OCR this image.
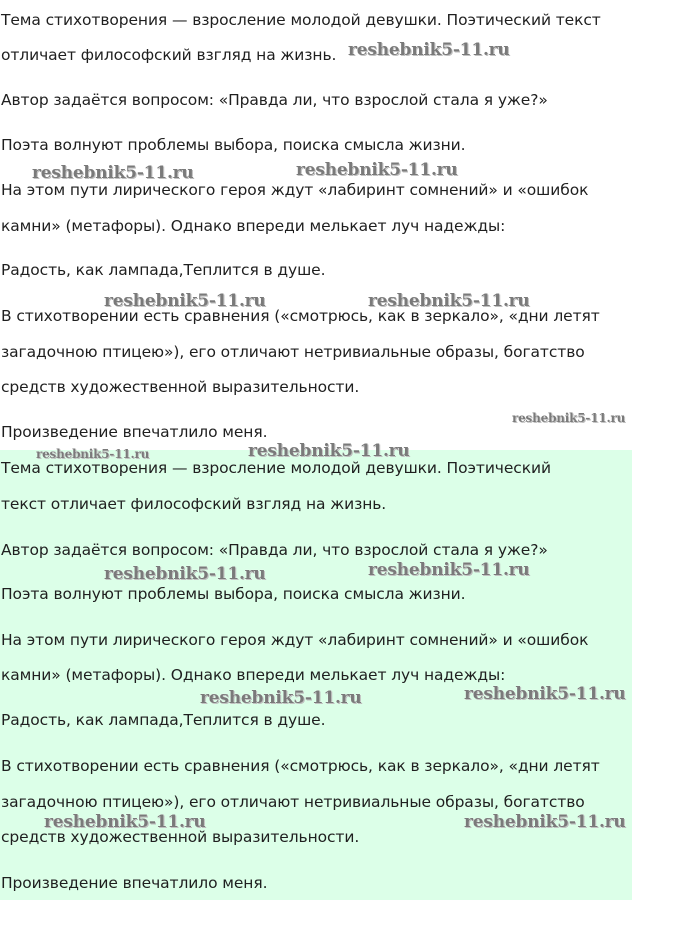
Тема стихотворения — взросление молодой девушки. Поэтический текст
отличает философский взгляд на жизнь.
Автор задаётся вопросом: «Правда ли, что взрослой стала я уже?»
Поэта волнуют проблемы выбора, поиска смысла жизни.
На этом пути лирического героя ждут «лабиринт сомнений» и «ошибок
камни» (метафоры). Однако впереди мелькает луч надежды:
Радость, как лампада,Теплится в душе.
В стихотворении есть сравнения («смотрюсь, как в зеркало», «дни летят
загадочною птицею»), его отличают нетривиальные образы, богатство
средств художественной выразительности.
Произведение впечатлило меня.
Тема стихотворения — взросление молодой девушки. Поэтический
текст отличает философский взгляд на жизнь.
Автор задаётся вопросом: «Правда ли, что взрослой стала я уже?»
Поэта волнуют проблемы выбора, поиска смысла жизни.
На этом пути лирического героя ждут «лабиринт сомнений» и «ошибок
камни» (метафоры). Однако впереди мелькает луч надежды:
Радость, как лампада,Теплится в душе.
В стихотворении есть сравнения («смотрюсь, как в зеркало», «дни летят
загадочною птицею»), его отличают нетривиальные образы, богатство
средств художественной выразительности.
Произведение впечатлило меня.
reshebnik5-11.ru
reshebnik5-11.ru	reshebnik5-11.ru
reshebnik5-11.ru	reshebnik5-11.ru
reshebnik5-11.ru
reshebnik5-11.ru	reshebnik5-11.ru
reshebnik5-11.ru	reshebnik5-11.ru
reshebnik5-11.ru	reshebnik5-11.ru
reshebnik5-11.ru	reshebnik5-11.ru
